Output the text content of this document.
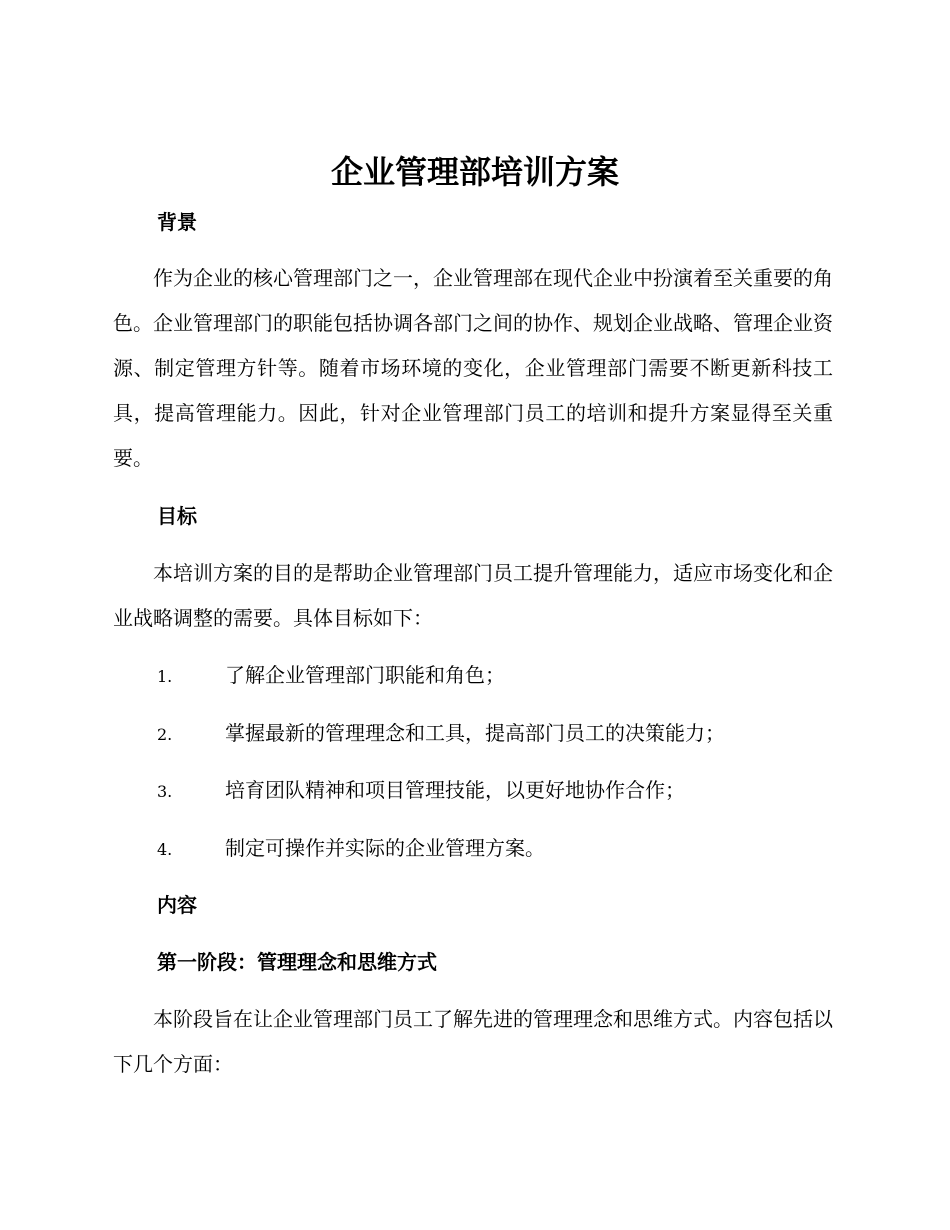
企业管理部培训方案
背景
作为企业的核心管理部门之一，企业管理部在现代企业中扮演着至关重要的角色。企业管理部门的职能包括协调各部门之间的协作、规划企业战略、管理企业资源、制定管理方针等。随着市场环境的变化，企业管理部门需要不断更新科技工具，提高管理能力。因此，针对企业管理部门员工的培训和提升方案显得至关重要。
目标
本培训方案的目的是帮助企业管理部门员工提升管理能力，适应市场变化和企业战略调整的需要。具体目标如下：
1.	了解企业管理部门职能和角色；
2.	掌握最新的管理理念和工具，提高部门员工的决策能力；
3.	培育团队精神和项目管理技能，以更好地协作合作；
4.	制定可操作并实际的企业管理方案。
内容
第一阶段：管理理念和思维方式
本阶段旨在让企业管理部门员工了解先进的管理理念和思维方式。内容包括以下几个方面：
